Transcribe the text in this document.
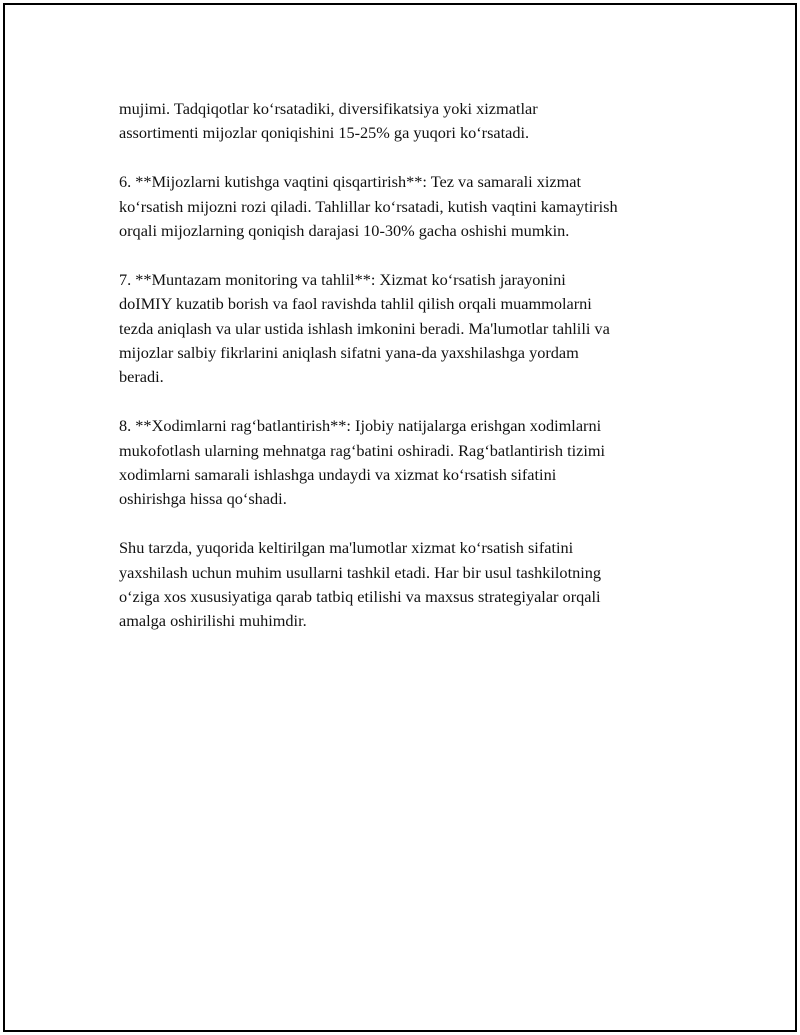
mujimi. Tadqiqotlar ko‘rsatadiki, diversifikatsiya yoki xizmatlar
assortimenti mijozlar qoniqishini 15-25% ga yuqori ko‘rsatadi.
6. **Mijozlarni kutishga vaqtini qisqartirish**: Tez va samarali xizmat
ko‘rsatish mijozni rozi qiladi. Tahlillar ko‘rsatadi, kutish vaqtini kamaytirish
orqali mijozlarning qoniqish darajasi 10-30% gacha oshishi mumkin.
7. **Muntazam monitoring va tahlil**: Xizmat ko‘rsatish jarayonini
doIMIY kuzatib borish va faol ravishda tahlil qilish orqali muammolarni
tezda aniqlash va ular ustida ishlash imkonini beradi. Ma'lumotlar tahlili va
mijozlar salbiy fikrlarini aniqlash sifatni yana-da yaxshilashga yordam
beradi.
8. **Xodimlarni rag‘batlantirish**: Ijobiy natijalarga erishgan xodimlarni
mukofotlash ularning mehnatga rag‘batini oshiradi. Rag‘batlantirish tizimi
xodimlarni samarali ishlashga undaydi va xizmat ko‘rsatish sifatini
oshirishga hissa qo‘shadi.
Shu tarzda, yuqorida keltirilgan ma'lumotlar xizmat ko‘rsatish sifatini
yaxshilash uchun muhim usullarni tashkil etadi. Har bir usul tashkilotning
o‘ziga xos xususiyatiga qarab tatbiq etilishi va maxsus strategiyalar orqali
amalga oshirilishi muhimdir.
